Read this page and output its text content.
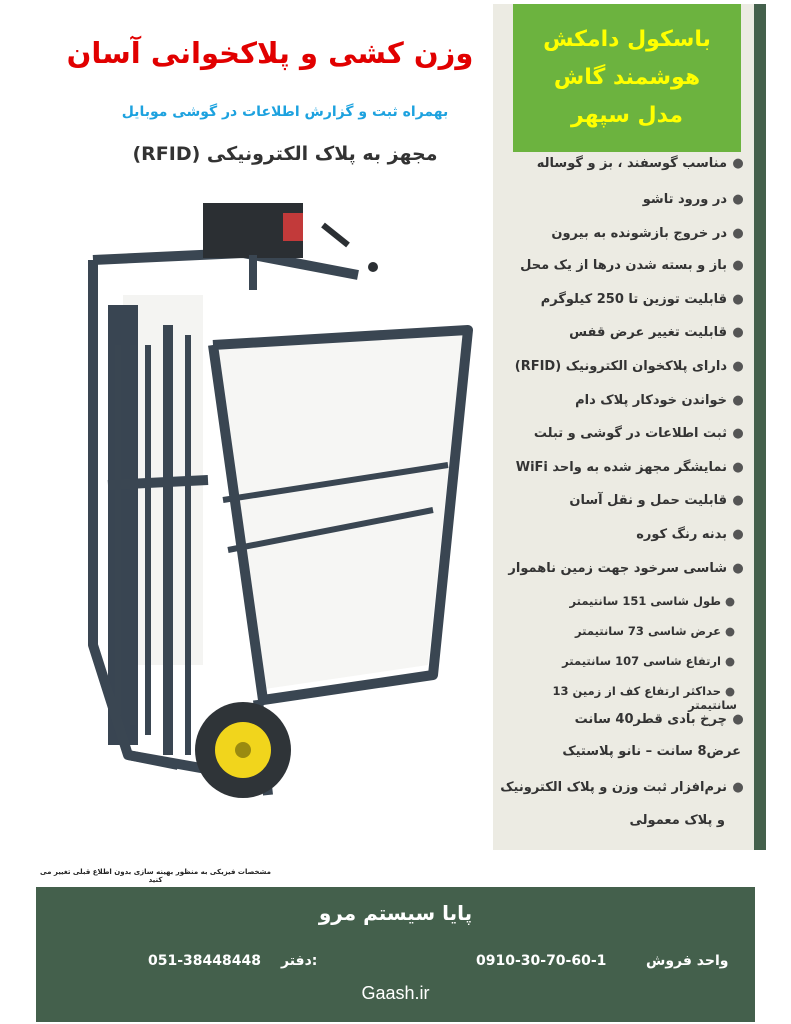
باسکول دامکش
هوشمند گاش
مدل سپهر
وزن کشی و پلاکخوانی آسان
بهمراه ثبت و گزارش اطلاعات در گوشی موبایل
مجهز به پلاک الکترونیکی (RFID)	●مناسب گوسفند ، بز و گوساله
●در ورود تاشو
●در خروج بازشونده به بیرون
●باز و بسته شدن درها از یک محل
●قابلیت توزین تا 250 کیلوگرم
●قابلیت تغییر عرض قفس
●دارای پلاکخوان الکترونیک (RFID)
●خواندن خودکار پلاک دام
●ثبت اطلاعات در گوشی و تبلت
●نمایشگر مجهز شده به واحد WiFi
●قابلیت حمل و نقل آسان
●بدنه رنگ کوره
●شاسی سرخود جهت زمین ناهموار
●طول شاسی 151 سانتیمتر
●عرض شاسی 73 سانتیمتر
●ارتفاع شاسی 107 سانتیمتر
●حداکثر ارتفاع کف از زمین 13 سانتیمتر
●چرخ بادی قطر40 سانت
عرض8 سانت – نانو پلاستیک
●نرم‌افزار ثبت وزن و پلاک الکترونیک
و پلاک معمولی
مشخصات فیزیکی به منظور بهینه سازی بدون اطلاع قبلی تغییر می کنید
پایا سیستم مرو
واحد فروش
0910-30-70-60-1
دفتر:
051-38448448
Gaash.ir
